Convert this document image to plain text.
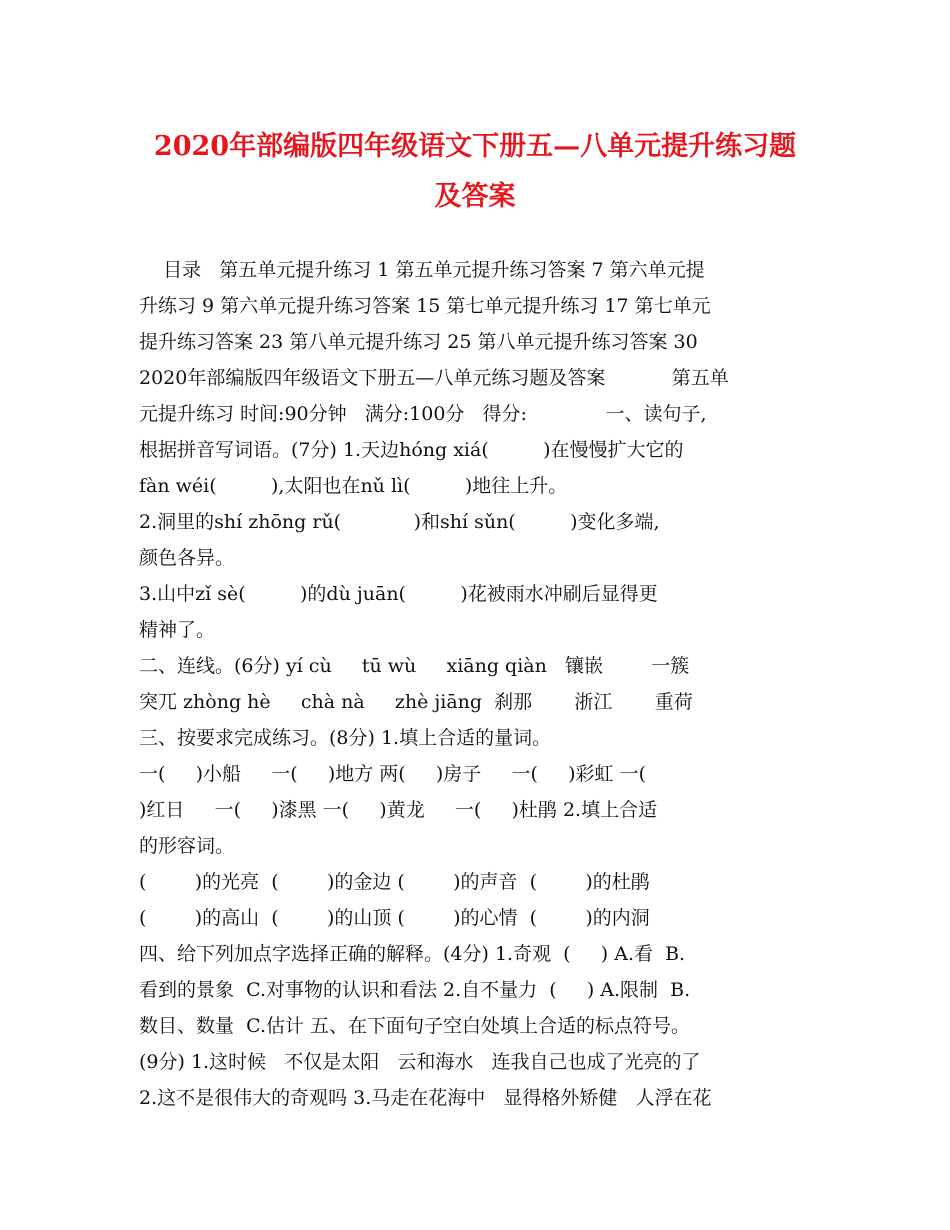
2020年部编版四年级语文下册五—八单元提升练习题
及答案
目录   第五单元提升练习 1 第五单元提升练习答案 7 第六单元提
升练习 9 第六单元提升练习答案 15 第七单元提升练习 17 第七单元
提升练习答案 23 第八单元提升练习 25 第八单元提升练习答案 30
2020年部编版四年级语文下册五—八单元练习题及答案           第五单
元提升练习 时间:90分钟   满分:100分   得分:             一、读句子,
根据拼音写词语。(7分) 1.天边hóng xiá(         )在慢慢扩大它的
fàn wéi(         ),太阳也在nǔ lì(         )地往上升。
2.洞里的shí zhōng rǔ(            )和shí sǔn(         )变化多端,
颜色各异。
3.山中zǐ sè(         )的dù juān(         )花被雨水冲刷后显得更
精神了。
二、连线。(6分) yí cù     tū wù     xiāng qiàn   镶嵌        一簇
突兀 zhòng hè     chà nà     zhè jiāng  刹那       浙江       重荷
三、按要求完成练习。(8分) 1.填上合适的量词。
一(     )小船     一(     )地方 两(     )房子     一(     )彩虹 一(
)红日     一(     )漆黑 一(     )黄龙     一(     )杜鹃 2.填上合适
的形容词。
(        )的光亮  (        )的金边 (        )的声音  (        )的杜鹃
(        )的高山  (        )的山顶 (        )的心情  (        )的内洞
四、给下列加点字选择正确的解释。(4分) 1.奇观  (     ) A.看  B.
看到的景象  C.对事物的认识和看法 2.自不量力  (     ) A.限制  B.
数目、数量  C.估计 五、在下面句子空白处填上合适的标点符号。
(9分) 1.这时候   不仅是太阳   云和海水   连我自己也成了光亮的了
2.这不是很伟大的奇观吗 3.马走在花海中   显得格外矫健   人浮在花
